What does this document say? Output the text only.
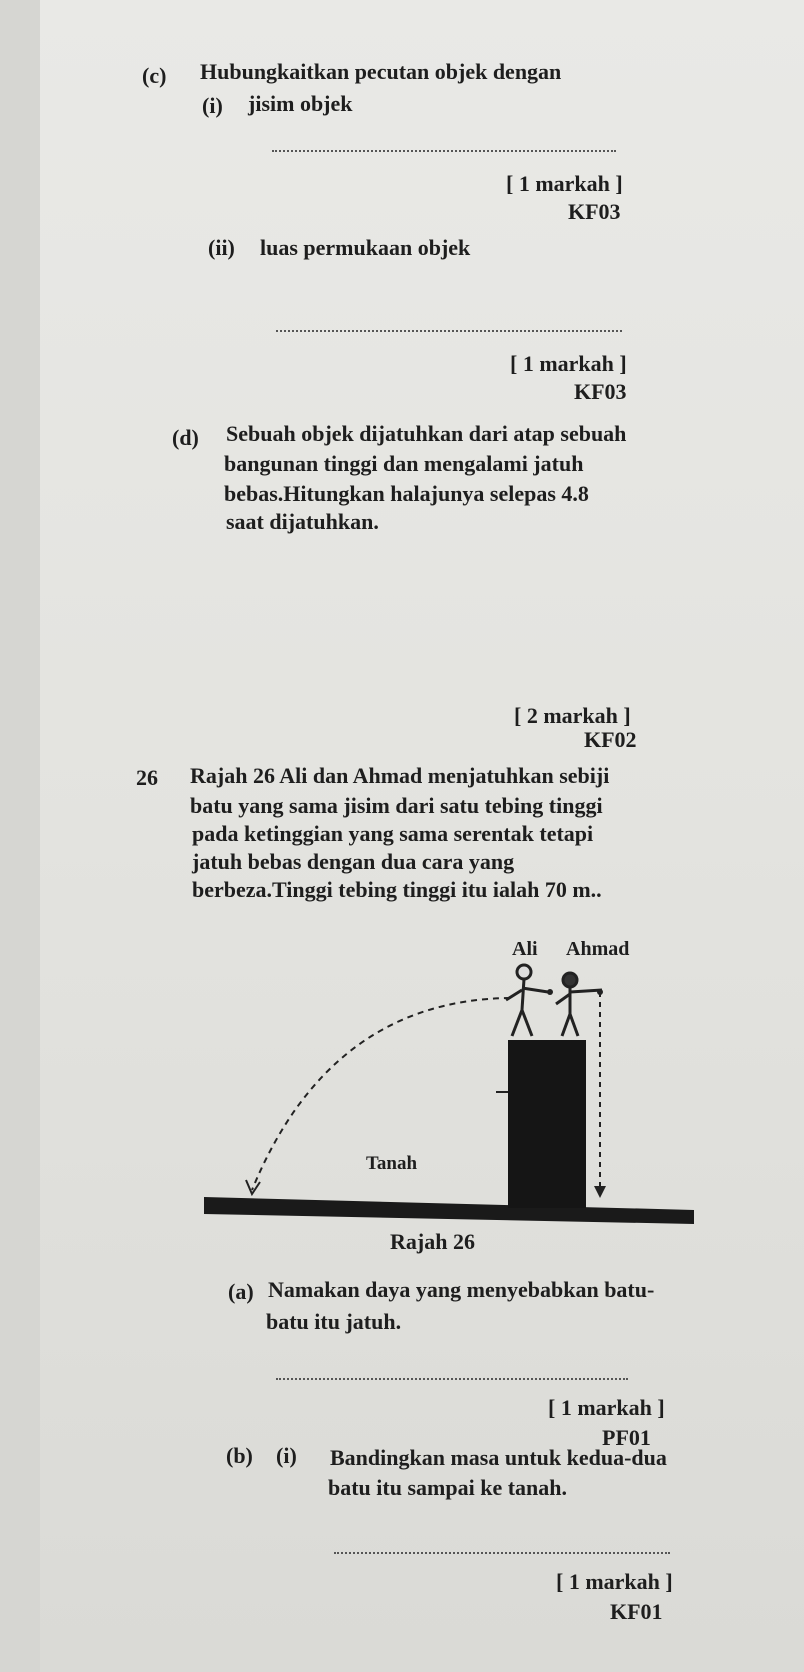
(c) Hubungkaitkan pecutan objek dengan
(i) jisim objek
[ 1 markah ]
KF03
(ii) luas permukaan objek
[ 1 markah ]
KF03
(d) Sebuah objek dijatuhkan dari atap sebuah
bangunan tinggi dan mengalami jatuh
bebas.Hitungkan halajunya selepas 4.8
saat dijatuhkan.
[ 2 markah ]
KF02
26 Rajah 26 Ali dan Ahmad menjatuhkan sebiji
batu yang sama jisim dari satu tebing tinggi
pada ketinggian yang sama serentak tetapi
jatuh bebas dengan dua cara yang
berbeza.Tinggi tebing tinggi itu ialah 70 m..
Ali Ahmad
Tanah
Rajah 26
(a) Namakan daya yang menyebabkan batu-
batu itu jatuh.
[ 1 markah ]
PF01
(b) (i) Bandingkan masa untuk kedua-dua
batu itu sampai ke tanah.
[ 1 markah ]
KF01
